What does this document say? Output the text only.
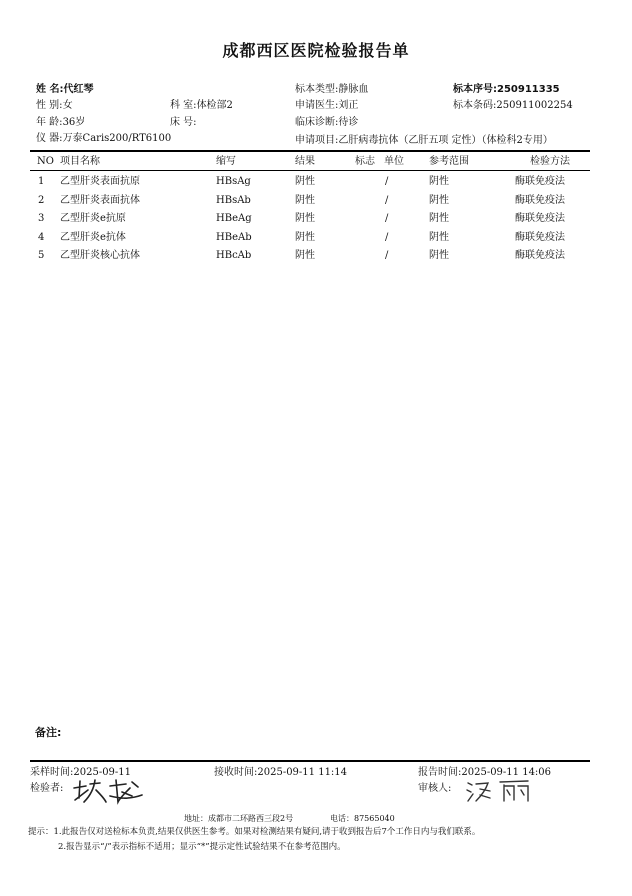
成都西区医院检验报告单
姓 名:代红琴
性 别:女
年 龄:36岁
仪 器:万泰Caris200/RT6100
科 室:体检部2
床 号:
标本类型:静脉血
申请医生:刘正
临床诊断:待诊
申请项目:乙肝病毒抗体（乙肝五项 定性）（体检科2专用）
标本序号:250911335
标本条码:250911002254
NO 项目名称	缩写	结果	标志 单位	参考范围	检验方法
1 乙型肝炎表面抗原	HBsAg	阴性	/	阴性	酶联免疫法
2 乙型肝炎表面抗体	HBsAb	阴性	/	阴性	酶联免疫法
3 乙型肝炎e抗原	HBeAg	阴性	/	阴性	酶联免疫法
4 乙型肝炎e抗体	HBeAb	阴性	/	阴性	酶联免疫法
5 乙型肝炎核心抗体	HBcAb	阴性	/	阴性	酶联免疫法
备注:
采样时间:2025-09-11	接收时间:2025-09-11 11:14	报告时间:2025-09-11 14:06
检验者:	审核人:
地址：成都市二环路西三段2号	电话：87565040
提示：1.此报告仅对送检标本负责,结果仅供医生参考。如果对检测结果有疑问,请于收到报告后7个工作日内与我们联系。
2.报告显示“/”表示指标不适用；显示“*”提示定性试验结果不在参考范围内。
